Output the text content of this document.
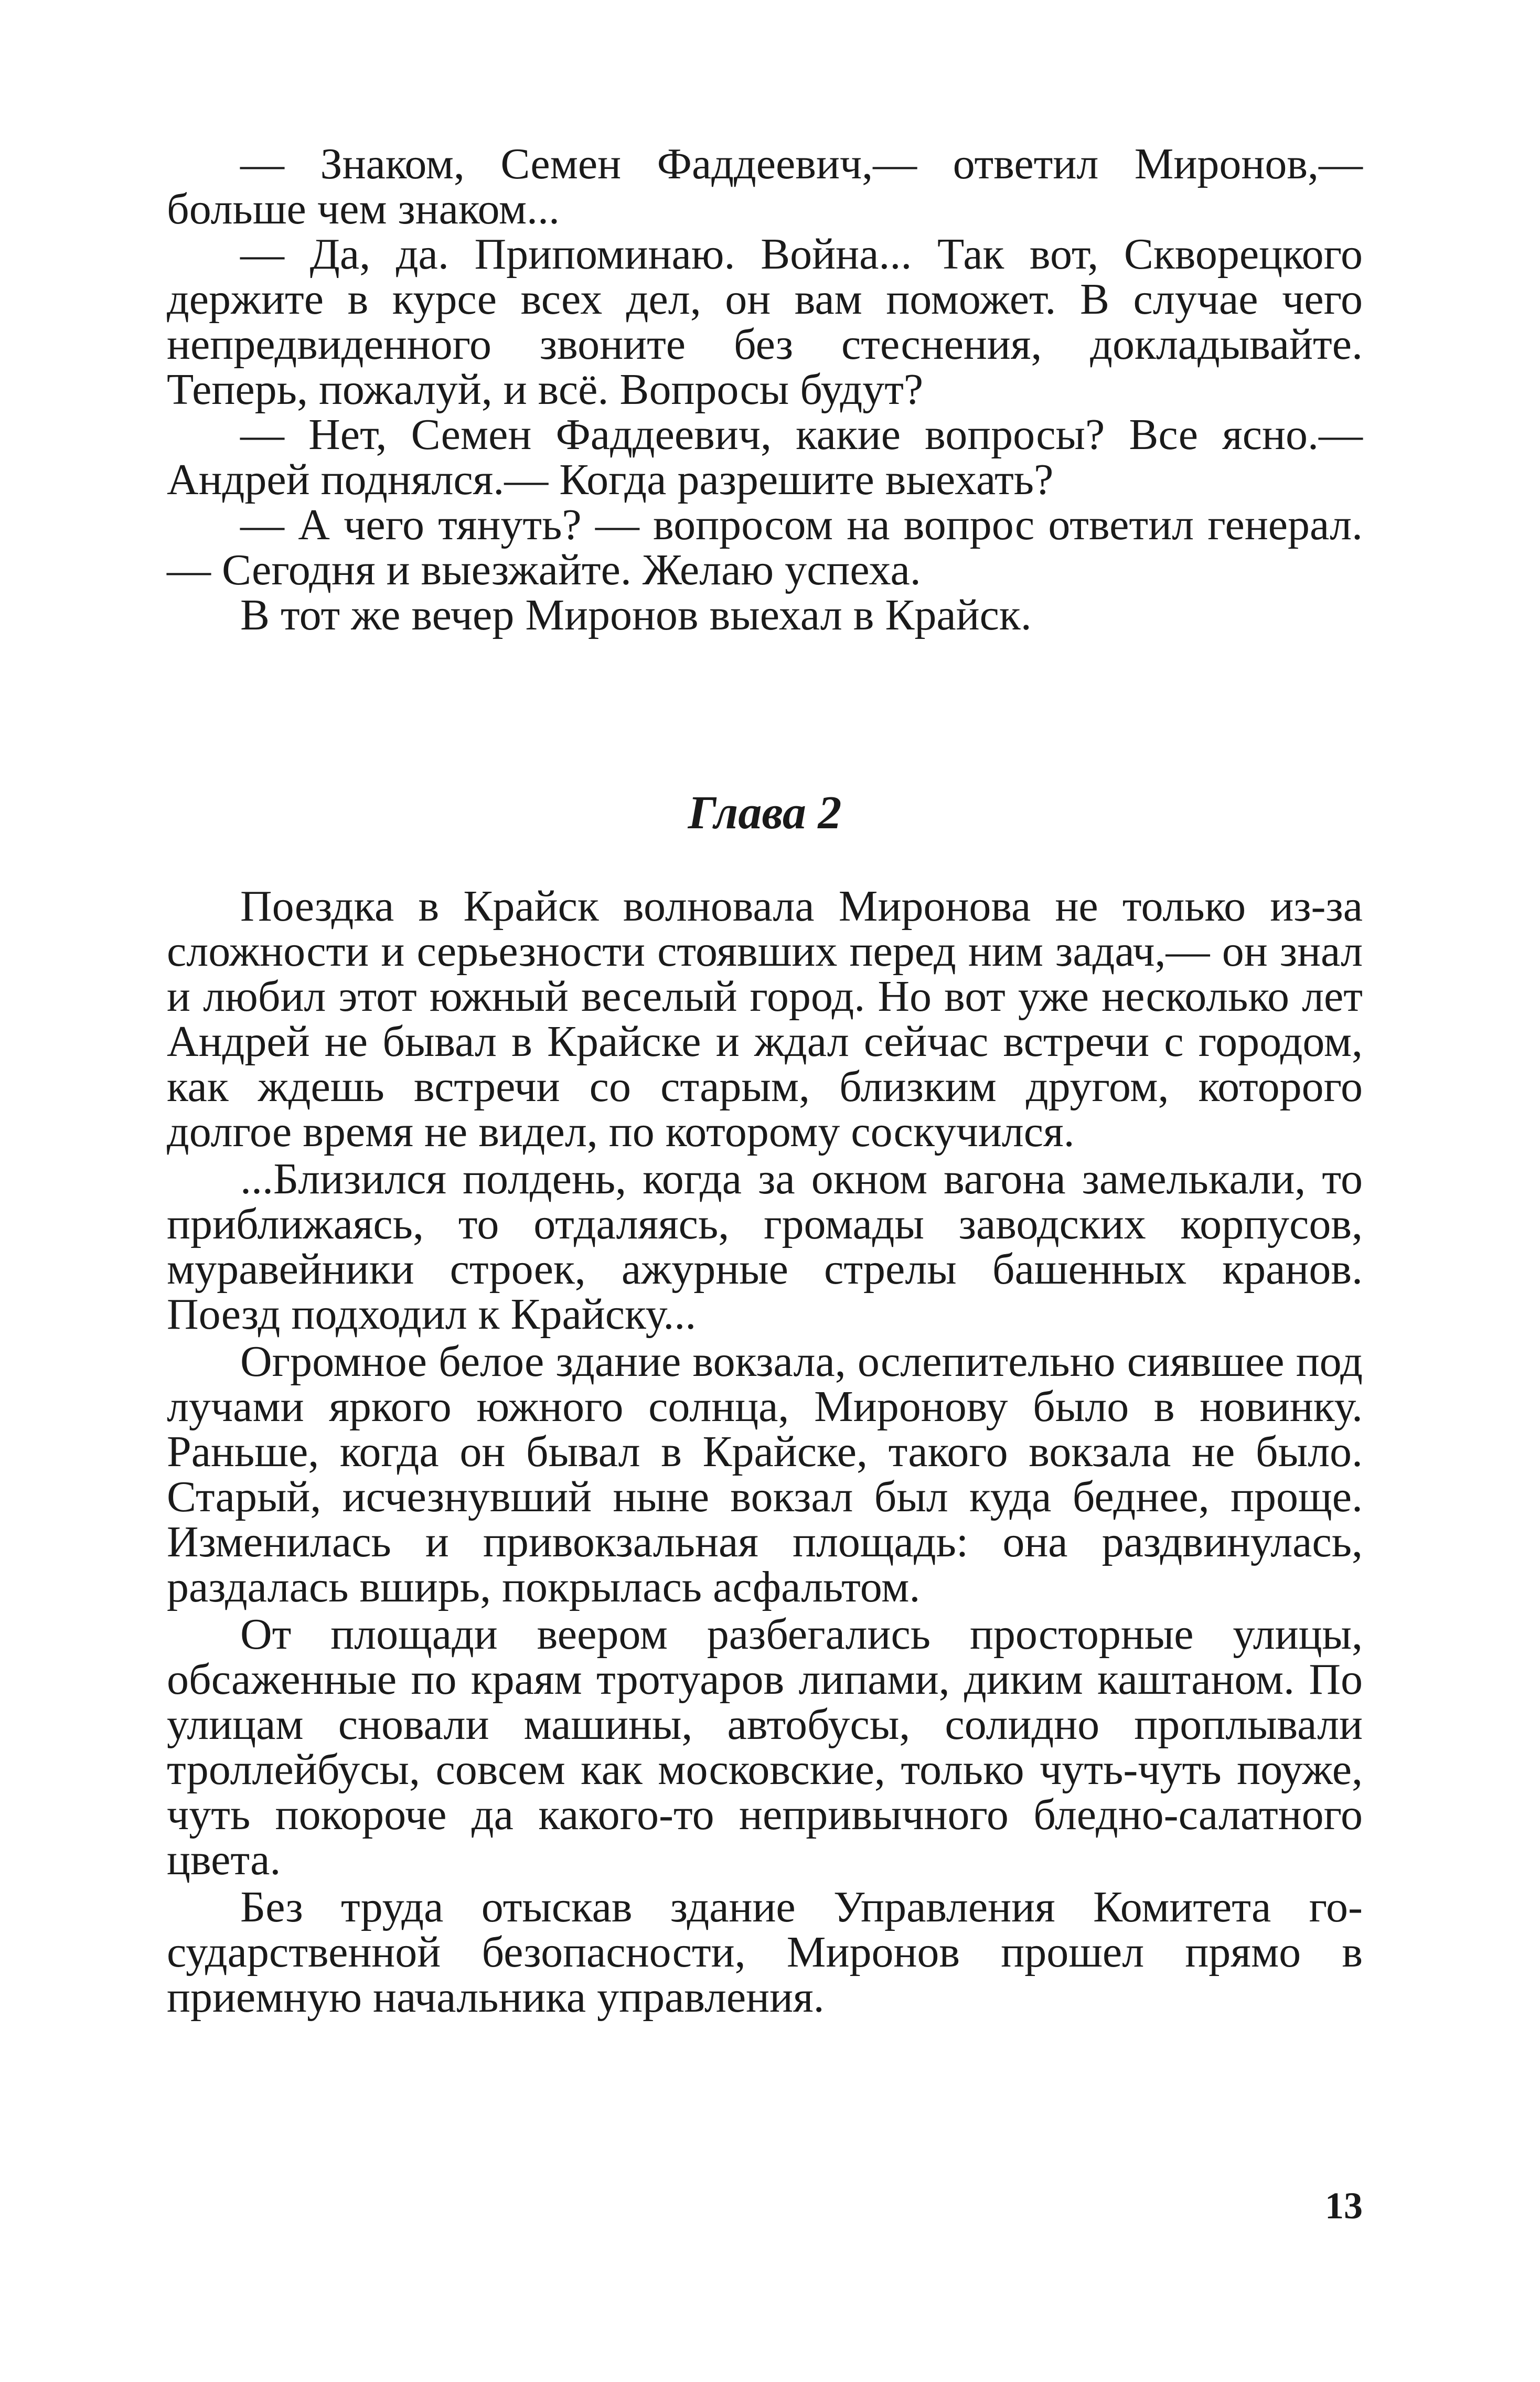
— Знаком, Семен Фаддеевич,— ответил Миронов,— больше чем знаком...

— Да, да. Припоминаю. Война... Так вот, Скворецкого держите в курсе всех дел, он вам поможет. В случае чего непредвиденного звоните без стеснения, докладывайте. Теперь, пожалуй, и всё. Вопросы будут?

— Нет, Семен Фаддеевич, какие вопросы? Все ясно.— Андрей поднялся.— Когда разрешите выехать?

— А чего тянуть? — вопросом на вопрос ответил генерал.— Сегодня и выезжайте. Желаю успеха.

В тот же вечер Миронов выехал в Крайск.

Глава 2

Поездка в Крайск волновала Миронова не только из-за сложности и серьезности стоявших перед ним задач,— он знал и любил этот южный веселый город. Но вот уже несколько лет Андрей не бывал в Крайске и ждал сейчас встречи с городом, как ждешь встречи со старым, близким другом, которого долгое время не видел, по которому соскучился.

...Близился полдень, когда за окном вагона замелькали, то приближаясь, то отдаляясь, громады заводских корпусов, муравейники строек, ажурные стрелы башенных кранов. Поезд подходил к Крайску...

Огромное белое здание вокзала, ослепительно сиявшее под лучами яркого южного солнца, Миронову было в новинку. Раньше, когда он бывал в Крайске, такого вокзала не было. Старый, исчезнувший ныне вокзал был куда беднее, проще. Изменилась и привокзальная площадь: она раздвинулась, раздалась вширь, покрылась асфальтом.

От площади веером разбегались просторные улицы, обсаженные по краям тротуаров липами, диким каштаном. По улицам сновали машины, автобусы, солидно проплывали троллейбусы, совсем как московские, только чуть-чуть поуже, чуть покороче да какого-то непривычного бледно-салатного цвета.

Без труда отыскав здание Управления Комитета государственной безопасности, Миронов прошел прямо в приемную начальника управления.

13
